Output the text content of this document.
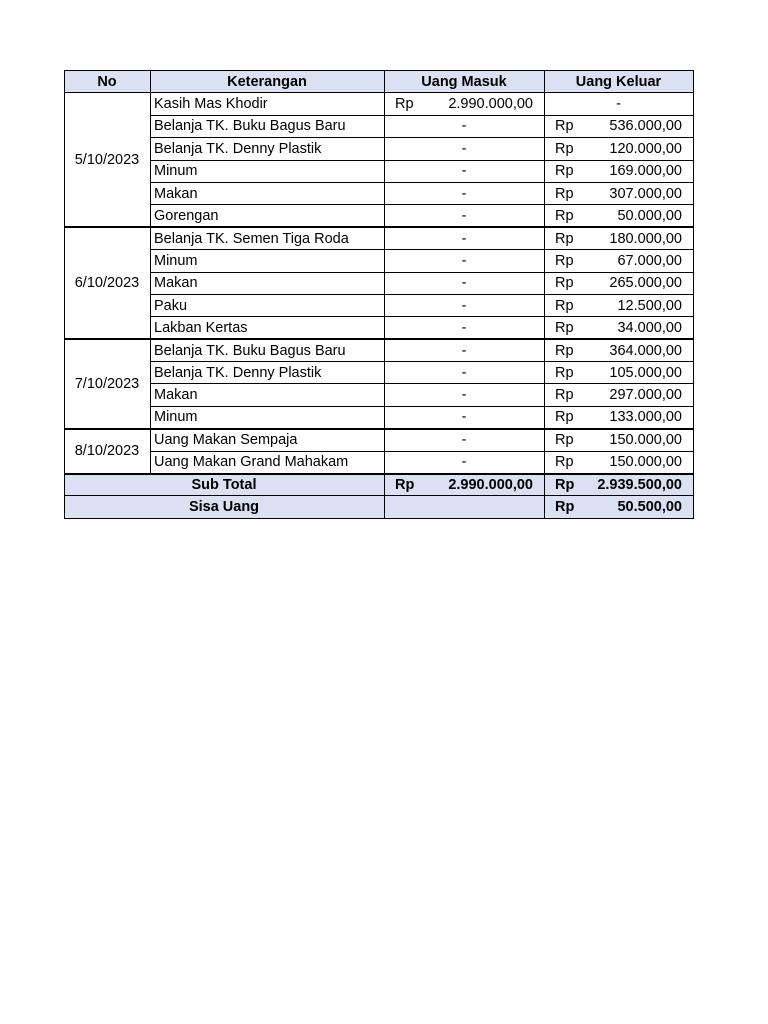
No	Keterangan	Uang Masuk	Uang Keluar
5/10/2023	Kasih Mas Khodir	Rp 2.990.000,00	-

	Belanja TK. Buku Bagus Baru	-	Rp 536.000,00

	Belanja TK. Denny Plastik	-	Rp 120.000,00

	Minum	-	Rp 169.000,00

	Makan	-	Rp 307.000,00

	Gorengan	-	Rp 50.000,00

6/10/2023	Belanja TK. Semen Tiga Roda	-	Rp 180.000,00

	Minum	-	Rp 67.000,00

	Makan	-	Rp 265.000,00

	Paku	-	Rp 12.500,00

	Lakban Kertas	-	Rp 34.000,00

7/10/2023	Belanja TK. Buku Bagus Baru	-	Rp 364.000,00

	Belanja TK. Denny Plastik	-	Rp 105.000,00

	Makan	-	Rp 297.000,00

	Minum	-	Rp 133.000,00

8/10/2023	Uang Makan Sempaja	-	Rp 150.000,00

	Uang Makan Grand Mahakam	-	Rp 150.000,00

Sub Total		Rp 2.990.000,00	Rp 2.939.500,00

Sisa Uang			Rp 50.500,00
